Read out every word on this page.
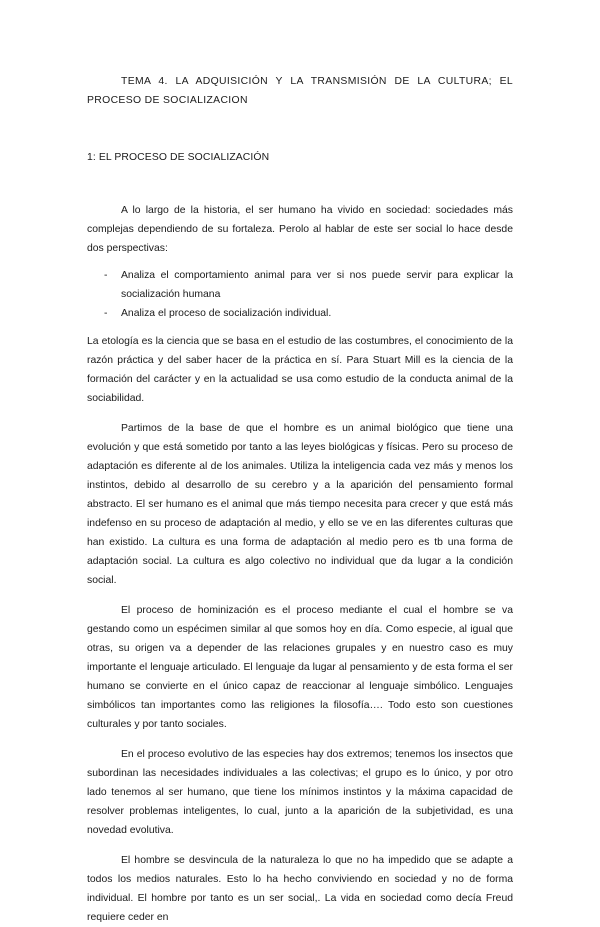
TEMA 4. LA ADQUISICIÓN Y LA TRANSMISIÓN DE LA CULTURA; EL PROCESO DE SOCIALIZACION

1: EL PROCESO DE SOCIALIZACIÓN

A lo largo de la historia, el ser humano ha vivido en sociedad: sociedades más complejas dependiendo de su fortaleza. Perolo al hablar de este ser social lo hace desde dos perspectivas:

- Analiza el comportamiento animal para ver si nos puede servir para explicar la socialización humana
- Analiza el proceso de socialización individual.

La etología es la ciencia que se basa en el estudio de las costumbres, el conocimiento de la razón práctica y del saber hacer de la práctica en sí. Para Stuart Mill es la ciencia de la formación del carácter y en la actualidad se usa como estudio de la conducta animal de la sociabilidad.

Partimos de la base de que el hombre es un animal biológico que tiene una evolución y que está sometido por tanto a las leyes biológicas y físicas. Pero su proceso de adaptación es diferente al de los animales. Utiliza la inteligencia cada vez más y menos los instintos, debido al desarrollo de su cerebro y a la aparición del pensamiento formal abstracto. El ser humano es el animal que más tiempo necesita para crecer y que está más indefenso en su proceso de adaptación al medio, y ello se ve en las diferentes culturas que han existido. La cultura es una forma de adaptación al medio pero es tb una forma de adaptación social. La cultura es algo colectivo no individual que da lugar a la condición social.

El proceso de hominización es el proceso mediante el cual el hombre se va gestando como un espécimen similar al que somos hoy en día. Como especie, al igual que otras, su origen va a depender de las relaciones grupales y en nuestro caso es muy importante el lenguaje articulado. El lenguaje da lugar al pensamiento y de esta forma el ser humano se convierte en el único capaz de reaccionar al lenguaje simbólico. Lenguajes simbólicos tan importantes como las religiones la filosofía…. Todo esto son cuestiones culturales y por tanto sociales.

En el proceso evolutivo de las especies hay dos extremos; tenemos los insectos que subordinan las necesidades individuales a las colectivas; el grupo es lo único, y por otro lado tenemos al ser humano, que tiene los mínimos instintos y la máxima capacidad de resolver problemas inteligentes, lo cual, junto a la aparición de la subjetividad, es una novedad evolutiva.

El hombre se desvincula de la naturaleza lo que no ha impedido que se adapte a todos los medios naturales. Esto lo ha hecho conviviendo en sociedad y no de forma individual. El hombre por tanto es un ser social,. La vida en sociedad como decía Freud requiere ceder en
